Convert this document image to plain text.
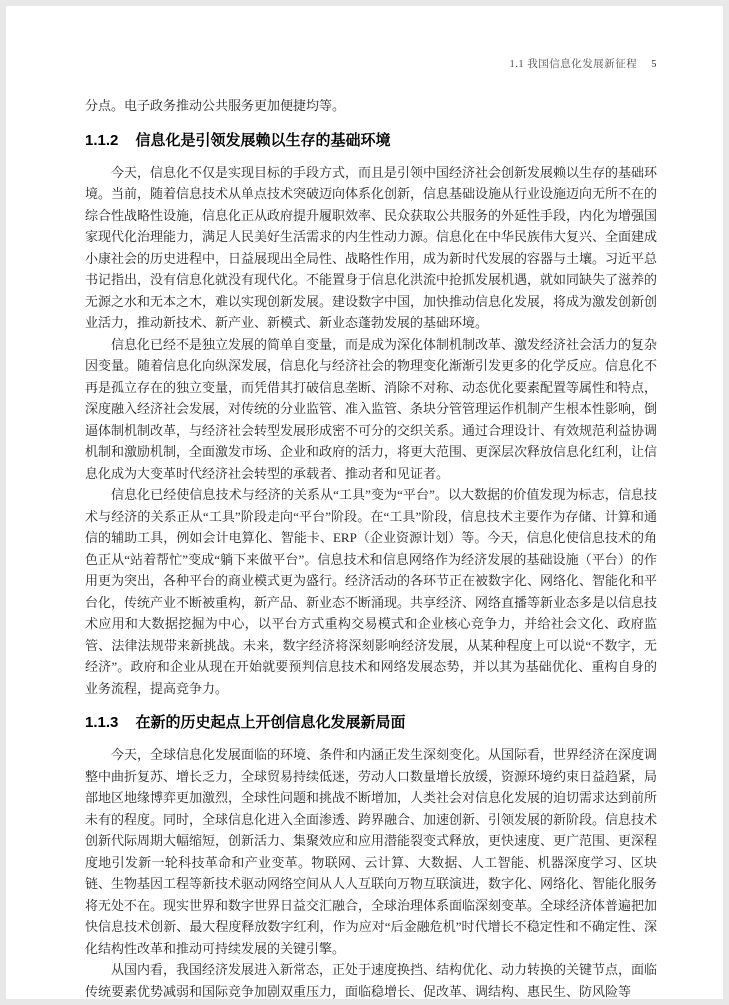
1.1 我国信息化发展新征程 5

分点。电子政务推动公共服务更加便捷均等。

1.1.2 信息化是引领发展赖以生存的基础环境

今天，信息化不仅是实现目标的手段方式，而且是引领中国经济社会创新发展赖以生存的基础环境。当前，随着信息技术从单点技术突破迈向体系化创新，信息基础设施从行业设施迈向无所不在的综合性战略性设施，信息化正从政府提升履职效率、民众获取公共服务的外延性手段，内化为增强国家现代化治理能力，满足人民美好生活需求的内生性动力源。信息化在中华民族伟大复兴、全面建成小康社会的历史进程中，日益展现出全局性、战略性作用，成为新时代发展的容器与土壤。习近平总书记指出，没有信息化就没有现代化。不能置身于信息化洪流中抢抓发展机遇，就如同缺失了滋养的无源之水和无本之木，难以实现创新发展。建设数字中国，加快推动信息化发展，将成为激发创新创业活力，推动新技术、新产业、新模式、新业态蓬勃发展的基础环境。

信息化已经不是独立发展的简单自变量，而是成为深化体制机制改革、激发经济社会活力的复杂因变量。随着信息化向纵深发展，信息化与经济社会的物理变化渐渐引发更多的化学反应。信息化不再是孤立存在的独立变量，而凭借其打破信息垄断、消除不对称、动态优化要素配置等属性和特点，深度融入经济社会发展，对传统的分业监管、准入监管、条块分管管理运作机制产生根本性影响，倒逼体制机制改革，与经济社会转型发展形成密不可分的交织关系。通过合理设计、有效规范利益协调机制和激励机制，全面激发市场、企业和政府的活力，将更大范围、更深层次释放信息化红利，让信息化成为大变革时代经济社会转型的承载者、推动者和见证者。

信息化已经使信息技术与经济的关系从“工具”变为“平台”。以大数据的价值发现为标志，信息技术与经济的关系正从“工具”阶段走向“平台”阶段。在“工具”阶段，信息技术主要作为存储、计算和通信的辅助工具，例如会计电算化、智能卡、ERP（企业资源计划）等。今天，信息化使信息技术的角色正从“站着帮忙”变成“躺下来做平台”。信息技术和信息网络作为经济发展的基础设施（平台）的作用更为突出，各种平台的商业模式更为盛行。经济活动的各环节正在被数字化、网络化、智能化和平台化，传统产业不断被重构，新产品、新业态不断涌现。共享经济、网络直播等新业态多是以信息技术应用和大数据挖掘为中心，以平台方式重构交易模式和企业核心竞争力，并给社会文化、政府监管、法律法规带来新挑战。未来，数字经济将深刻影响经济发展，从某种程度上可以说“不数字，无经济”。政府和企业从现在开始就要预判信息技术和网络发展态势，并以其为基础优化、重构自身的业务流程，提高竞争力。

1.1.3 在新的历史起点上开创信息化发展新局面

今天，全球信息化发展面临的环境、条件和内涵正发生深刻变化。从国际看，世界经济在深度调整中曲折复苏、增长乏力，全球贸易持续低迷，劳动人口数量增长放缓，资源环境约束日益趋紧，局部地区地缘博弈更加激烈，全球性问题和挑战不断增加，人类社会对信息化发展的迫切需求达到前所未有的程度。同时，全球信息化进入全面渗透、跨界融合、加速创新、引领发展的新阶段。信息技术创新代际周期大幅缩短，创新活力、集聚效应和应用潜能裂变式释放，更快速度、更广范围、更深程度地引发新一轮科技革命和产业变革。物联网、云计算、大数据、人工智能、机器深度学习、区块链、生物基因工程等新技术驱动网络空间从人人互联向万物互联演进，数字化、网络化、智能化服务将无处不在。现实世界和数字世界日益交汇融合，全球治理体系面临深刻变革。全球经济体普遍把加快信息技术创新、最大程度释放数字红利，作为应对“后金融危机”时代增长不稳定性和不确定性、深化结构性改革和推动可持续发展的关键引擎。

从国内看，我国经济发展进入新常态，正处于速度换挡、结构优化、动力转换的关键节点，面临传统要素优势减弱和国际竞争加剧双重压力，面临稳增长、促改革、调结构、惠民生、防风险等
